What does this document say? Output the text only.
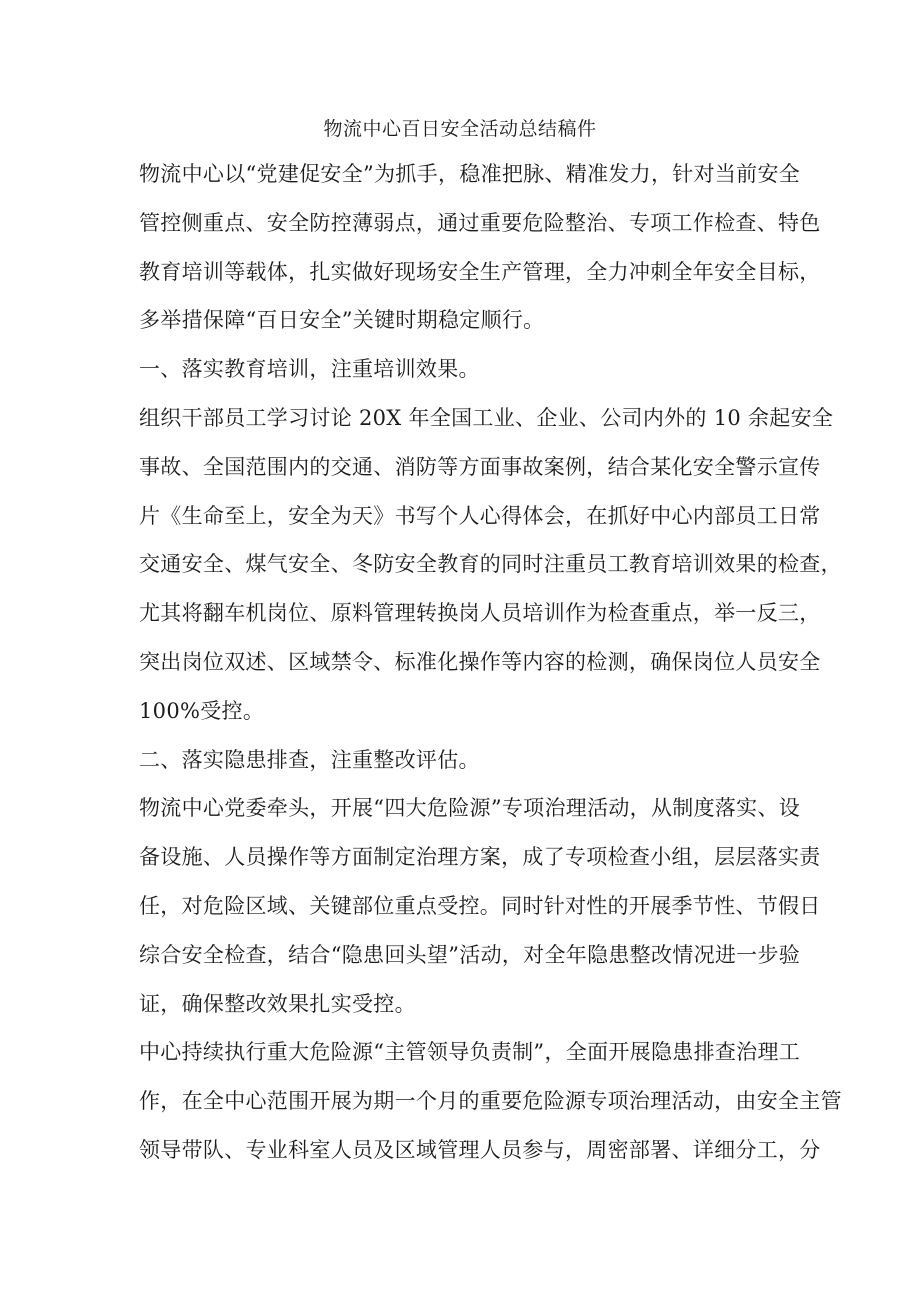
物流中心百日安全活动总结稿件
物流中心以“党建促安全”为抓手，稳准把脉、精准发力，针对当前安全
管控侧重点、安全防控薄弱点，通过重要危险整治、专项工作检查、特色
教育培训等载体，扎实做好现场安全生产管理，全力冲刺全年安全目标，
多举措保障“百日安全”关键时期稳定顺行。
一、落实教育培训，注重培训效果。
组织干部员工学习讨论 20X 年全国工业、企业、公司内外的 10 余起安全
事故、全国范围内的交通、消防等方面事故案例，结合某化安全警示宣传
片《生命至上，安全为天》书写个人心得体会，在抓好中心内部员工日常
交通安全、煤气安全、冬防安全教育的同时注重员工教育培训效果的检查，
尤其将翻车机岗位、原料管理转换岗人员培训作为检查重点，举一反三，
突出岗位双述、区域禁令、标准化操作等内容的检测，确保岗位人员安全
100%受控。
二、落实隐患排查，注重整改评估。
物流中心党委牵头，开展“四大危险源”专项治理活动，从制度落实、设
备设施、人员操作等方面制定治理方案，成了专项检查小组，层层落实责
任，对危险区域、关键部位重点受控。同时针对性的开展季节性、节假日
综合安全检查，结合“隐患回头望”活动，对全年隐患整改情况进一步验
证，确保整改效果扎实受控。
中心持续执行重大危险源“主管领导负责制”，全面开展隐患排查治理工
作，在全中心范围开展为期一个月的重要危险源专项治理活动，由安全主管
领导带队、专业科室人员及区域管理人员参与，周密部署、详细分工，分
